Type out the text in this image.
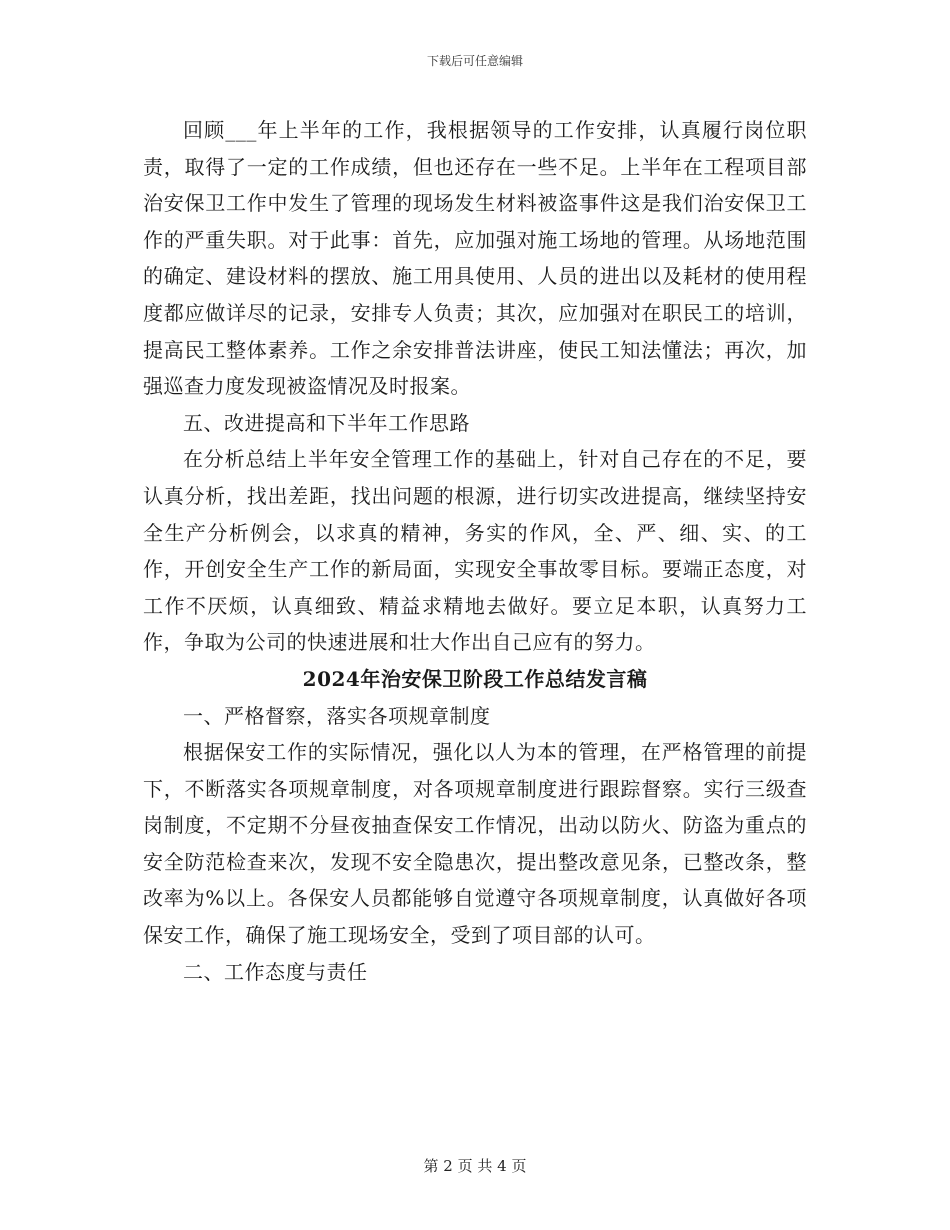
下载后可任意编辑

回顾___年上半年的工作，我根据领导的工作安排，认真履行岗位职责，取得了一定的工作成绩，但也还存在一些不足。上半年在工程项目部治安保卫工作中发生了管理的现场发生材料被盗事件这是我们治安保卫工作的严重失职。对于此事：首先，应加强对施工场地的管理。从场地范围的确定、建设材料的摆放、施工用具使用、人员的进出以及耗材的使用程度都应做详尽的记录，安排专人负责；其次，应加强对在职民工的培训，提高民工整体素养。工作之余安排普法讲座，使民工知法懂法；再次，加强巡查力度发现被盗情况及时报案。

五、改进提高和下半年工作思路

在分析总结上半年安全管理工作的基础上，针对自己存在的不足，要认真分析，找出差距，找出问题的根源，进行切实改进提高，继续坚持安全生产分析例会，以求真的精神，务实的作风，全、严、细、实、的工作，开创安全生产工作的新局面，实现安全事故零目标。要端正态度，对工作不厌烦，认真细致、精益求精地去做好。要立足本职，认真努力工作，争取为公司的快速进展和壮大作出自己应有的努力。

2024年治安保卫阶段工作总结发言稿

一、严格督察，落实各项规章制度

根据保安工作的实际情况，强化以人为本的管理，在严格管理的前提下，不断落实各项规章制度，对各项规章制度进行跟踪督察。实行三级查岗制度，不定期不分昼夜抽查保安工作情况，出动以防火、防盗为重点的安全防范检查来次，发现不安全隐患次，提出整改意见条，已整改条，整改率为%以上。各保安人员都能够自觉遵守各项规章制度，认真做好各项保安工作，确保了施工现场安全，受到了项目部的认可。

二、工作态度与责任

第 2 页 共 4 页
